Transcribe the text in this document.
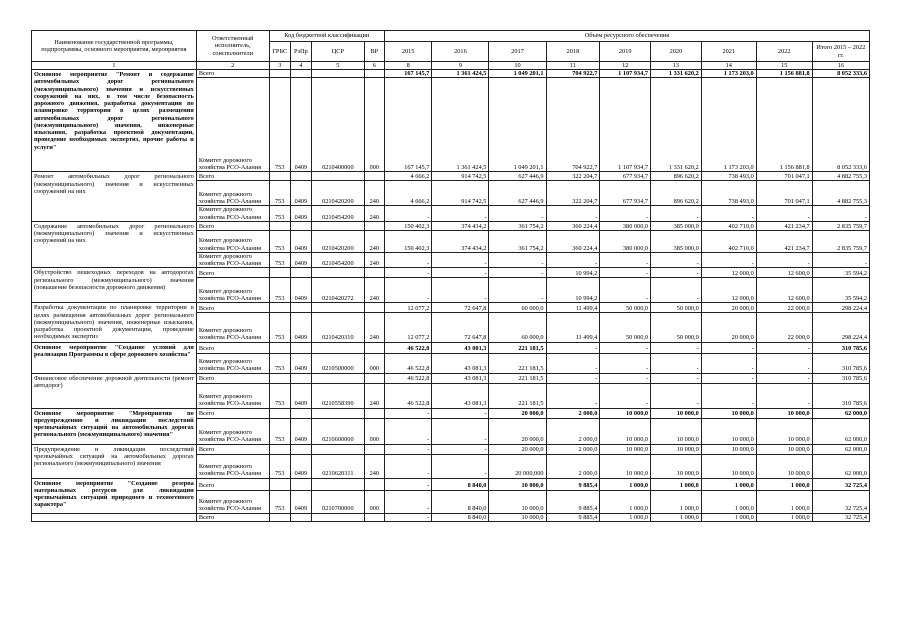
Наименование государственной программы, подпрограммы, основного мероприятия, мероприятия	Ответственный исполнитель, соисполнители	Код бюджетной классификации				Объем ресурсного обеспечения								
		ГРБС	РзПр	ЦСР	ВР	2015	2016	2017	2018	2019	2020	2021	2022	Итого 2015 – 2022 гг.
1	2	3	4	5	6	8	9	10	11	12	13	14	15	16
Основное мероприятие "Ремонт и содержание автомобильных дорог регионального (межмуниципального) значения и искусственных сооружений на них, в том числе безопасность дорожного движения, разработка документации по планировке территории в целях размещения автомобильных дорог регионального (межмуниципального) значения, инженерные изыскания, разработка проектной документации, проведение необходимых экспертиз, прочие работы и услуги"	Всего					167 145,7	1 361 424,5	1 049 201,1	704 922,7	1 107 934,7	1 331 620,2	1 173 203,0	1 156 881,8	8 052 333,6
	Комитет дорожного хозяйства РСО-Алания	753	0409	0210400000	000	167 145,7	1 361 424,5	1 049 201,1	704 922,7	1 107 934,7	1 331 620,2	1 173 203,0	1 156 881,8	8 052 333,6
Ремонт автомобильных дорог регионального (межмуниципального) значения и искусственных сооружений на них	Всего					4 666,2	914 742,5	627 446,9	322 204,7	677 934,7	896 620,2	738 493,0	701 047,1	4 882 755,3
	Комитет дорожного хозяйства РСО-Алания	753	0409	0210420200	240	4 666,2	914 742,5	627 446,9	322 204,7	677 934,7	896 620,2	738 493,0	701 047,1	4 882 755,3
	Комитет дорожного хозяйства РСО-Алания	753	0409	0210454200	240	-	-	-	-	-	-	-	-	-
Содержание автомобильных дорог регионального (межмуниципального) значения и искусственных сооружений на них	Всего					150 402,3	374 434,2	361 754,2	360 224,4	380 000,0	385 000,0	402 710,0	421 234,7	2 835 759,7
	Комитет дорожного хозяйства РСО-Алания	753	0409	0210420200	240	150 402,3	374 434,2	361 754,2	360 224,4	380 000,0	385 000,0	402 710,0	421 234,7	2 835 759,7
	Комитет дорожного хозяйства РСО-Алания	753	0409	0210454200	240	-	-	-	-	-	-	-	-	-
Обустройство пешеходных переходов на автодорогах регионального (межмуниципального) значения (повышение безопасности дорожного движения)	Всего					-	-	-	10 994,2	-	-	12 000,0	12 600,0	35 594,2
	Комитет дорожного хозяйства РСО-Алания	753	0409	0210420272	240	-	-	-	10 994,2	-	-	12 000,0	12 600,0	35 594,2
Разработка документации по планировке территории в целях размещения автомобильных дорог регионального (межмуниципального) значения, инженерные изыскания, разработка проектной документации, проведение необходимых экспертиз	Всего					12 077,2	72 647,8	60 000,0	11 499,4	50 000,0	50 000,0	20 000,0	22 000,0	298 224,4
	Комитет дорожного хозяйства РСО-Алания	753	0409	0210420310	240	12 077,2	72 647,8	60 000,0	11 499,4	50 000,0	50 000,0	20 000,0	22 000,0	298 224,4
Основное мероприятие "Создание условий для реализации Программы в сфере дорожного хозяйства"	Всего					46 522,8	43 081,3	221 181,5	-	-	-	-	-	310 785,6
	Комитет дорожного хозяйства РСО-Алания	753	0409	0210500000	000	46 522,8	43 081,3	221 181,5	-	-	-	-	-	310 785,6
Финансовое обеспечение дорожной деятельности (ремонт автодорог)	Всего					46 522,8	43 081,3	221 181,5	-	-	-	-	-	310 785,6
	Комитет дорожного хозяйства РСО-Алания	753	0409	0210558390	240	46 522,8	43 081,3	221 181,5	-	-	-	-	-	310 785,6
Основное мероприятие "Мероприятия по предупреждению и ликвидации последствий чрезвычайных ситуаций на автомобильных дорогах регионального (межмуниципального) значения"	Всего					-	-	20 000,0	2 000,0	10 000,0	10 000,0	10 000,0	10 000,0	62 000,0
	Комитет дорожного хозяйства РСО-Алания	753	0409	0210600000	000	-	-	20 000,0	2 000,0	10 000,0	10 000,0	10 000,0	10 000,0	62 000,0
Предупреждение и ликвидация последствий чрезвычайных ситуаций на автомобильных дорогах регионального (межмуниципального) значения	Всего					-	-	20 000,0	2 000,0	10 000,0	10 000,0	10 000,0	10 000,0	62 000,0
	Комитет дорожного хозяйства РСО-Алания	753	0409	0210620311	240	-	-	20 000,000	2 000,0	10 000,0	10 000,0	10 000,0	10 000,0	62 000,0
Основное мероприятие "Создание резерва материальных ресурсов для ликвидации чрезвычайных ситуаций природного и техногенного характера"	Всего					-	8 840,0	10 000,0	9 885,4	1 000,0	1 000,0	1 000,0	1 000,0	32 725,4
	Комитет дорожного хозяйства РСО-Алания	753	0409	0210700000	000	-	8 840,0	10 000,0	9 885,4	1 000,0	1 000,0	1 000,0	1 000,0	32 725,4
	Всего					-	8 840,0	10 000,0	9 885,4	1 000,0	1 000,0	1 000,0	1 000,0	32 725,4
